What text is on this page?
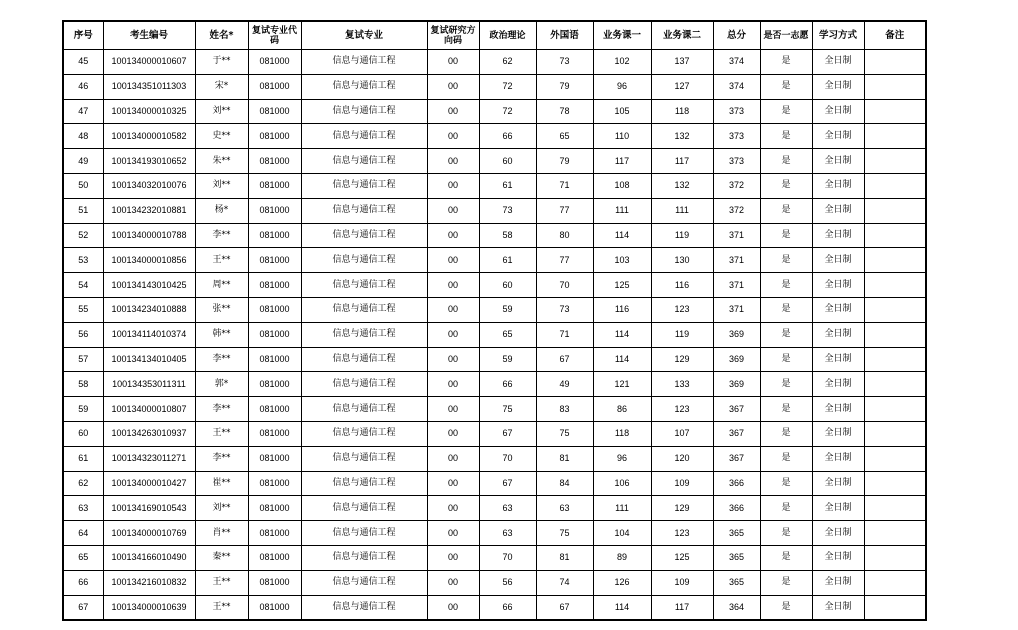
序号	考生编号	姓名*	复试专业代码	复试专业	复试研究方向码	政治理论	外国语	业务课一	业务课二	总分	是否一志愿	学习方式	备注
45	100134000010607	于**	081000	信息与通信工程	00	62	73	102	137	374	是	全日制	
46	100134351011303	宋*	081000	信息与通信工程	00	72	79	96	127	374	是	全日制	
47	100134000010325	刘**	081000	信息与通信工程	00	72	78	105	118	373	是	全日制	
48	100134000010582	史**	081000	信息与通信工程	00	66	65	110	132	373	是	全日制	
49	100134193010652	朱**	081000	信息与通信工程	00	60	79	117	117	373	是	全日制	
50	100134032010076	刘**	081000	信息与通信工程	00	61	71	108	132	372	是	全日制	
51	100134232010881	杨*	081000	信息与通信工程	00	73	77	111	111	372	是	全日制	
52	100134000010788	李**	081000	信息与通信工程	00	58	80	114	119	371	是	全日制	
53	100134000010856	王**	081000	信息与通信工程	00	61	77	103	130	371	是	全日制	
54	100134143010425	周**	081000	信息与通信工程	00	60	70	125	116	371	是	全日制	
55	100134234010888	张**	081000	信息与通信工程	00	59	73	116	123	371	是	全日制	
56	100134114010374	韩**	081000	信息与通信工程	00	65	71	114	119	369	是	全日制	
57	100134134010405	李**	081000	信息与通信工程	00	59	67	114	129	369	是	全日制	
58	100134353011311	郭*	081000	信息与通信工程	00	66	49	121	133	369	是	全日制	
59	100134000010807	李**	081000	信息与通信工程	00	75	83	86	123	367	是	全日制	
60	100134263010937	王**	081000	信息与通信工程	00	67	75	118	107	367	是	全日制	
61	100134323011271	李**	081000	信息与通信工程	00	70	81	96	120	367	是	全日制	
62	100134000010427	崔**	081000	信息与通信工程	00	67	84	106	109	366	是	全日制	
63	100134169010543	刘**	081000	信息与通信工程	00	63	63	111	129	366	是	全日制	
64	100134000010769	肖**	081000	信息与通信工程	00	63	75	104	123	365	是	全日制	
65	100134166010490	秦**	081000	信息与通信工程	00	70	81	89	125	365	是	全日制	
66	100134216010832	王**	081000	信息与通信工程	00	56	74	126	109	365	是	全日制	
67	100134000010639	王**	081000	信息与通信工程	00	66	67	114	117	364	是	全日制	
